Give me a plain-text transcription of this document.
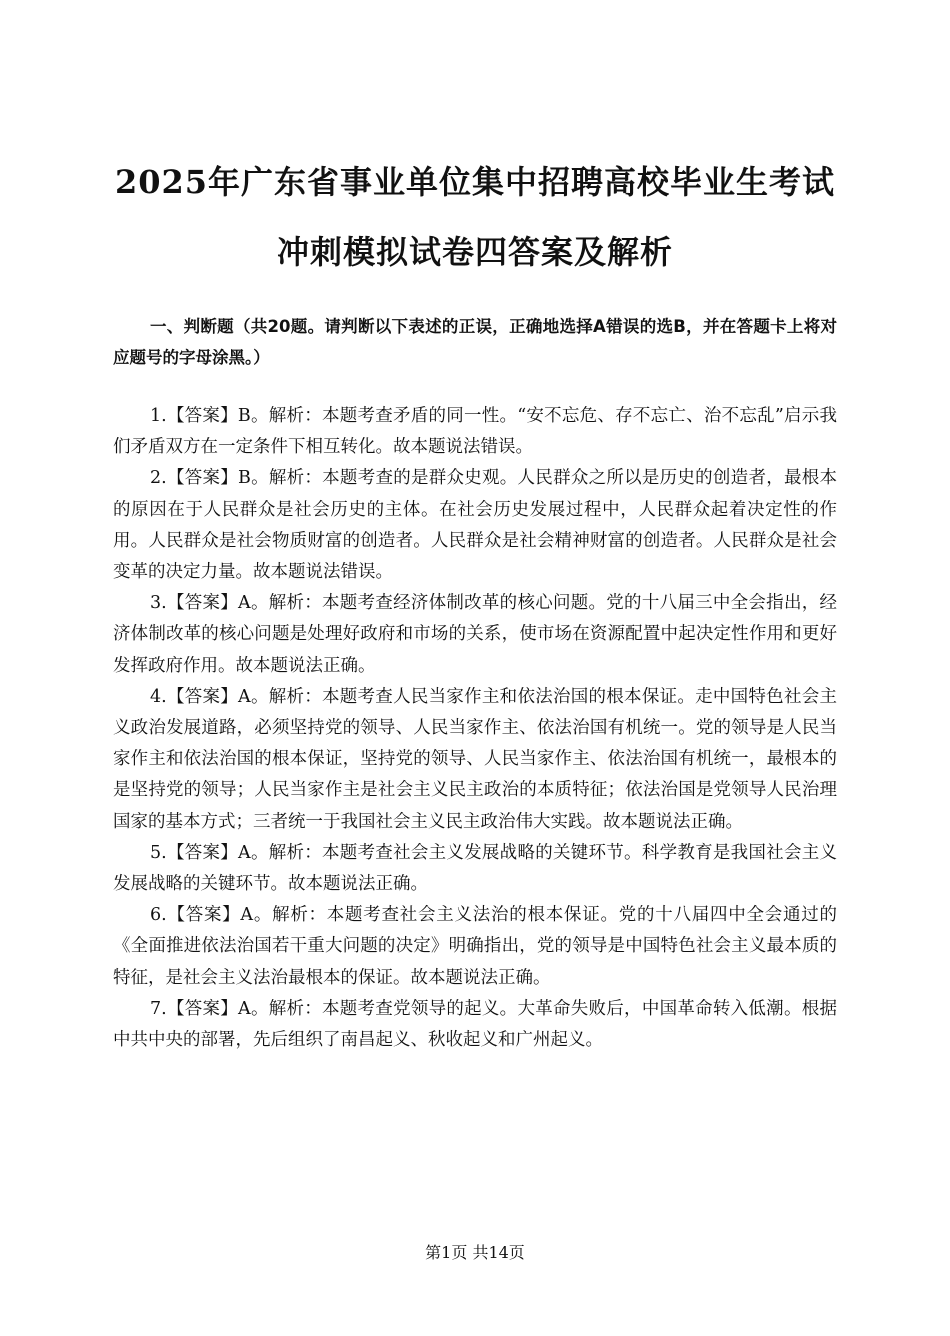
2025年广东省事业单位集中招聘高校毕业生考试
冲刺模拟试卷四答案及解析
一、判断题（共20题。请判断以下表述的正误，正确地选择A错误的选B，并在答题卡上将对应题号的字母涂黑。）

1.【答案】B。解析：本题考查矛盾的同一性。“安不忘危、存不忘亡、治不忘乱”启示我们矛盾双方在一定条件下相互转化。故本题说法错误。

2.【答案】B。解析：本题考查的是群众史观。人民群众之所以是历史的创造者，最根本的原因在于人民群众是社会历史的主体。在社会历史发展过程中，人民群众起着决定性的作用。人民群众是社会物质财富的创造者。人民群众是社会精神财富的创造者。人民群众是社会变革的决定力量。故本题说法错误。

3.【答案】A。解析：本题考查经济体制改革的核心问题。党的十八届三中全会指出，经济体制改革的核心问题是处理好政府和市场的关系，使市场在资源配置中起决定性作用和更好发挥政府作用。故本题说法正确。

4.【答案】A。解析：本题考查人民当家作主和依法治国的根本保证。走中国特色社会主义政治发展道路，必须坚持党的领导、人民当家作主、依法治国有机统一。党的领导是人民当家作主和依法治国的根本保证，坚持党的领导、人民当家作主、依法治国有机统一，最根本的是坚持党的领导；人民当家作主是社会主义民主政治的本质特征；依法治国是党领导人民治理国家的基本方式；三者统一于我国社会主义民主政治伟大实践。故本题说法正确。

5.【答案】A。解析：本题考查社会主义发展战略的关键环节。科学教育是我国社会主义发展战略的关键环节。故本题说法正确。

6.【答案】A。解析：本题考查社会主义法治的根本保证。党的十八届四中全会通过的《全面推进依法治国若干重大问题的决定》明确指出，党的领导是中国特色社会主义最本质的特征，是社会主义法治最根本的保证。故本题说法正确。

7.【答案】A。解析：本题考查党领导的起义。大革命失败后，中国革命转入低潮。根据中共中央的部署，先后组织了南昌起义、秋收起义和广州起义。

第1页 共14页
